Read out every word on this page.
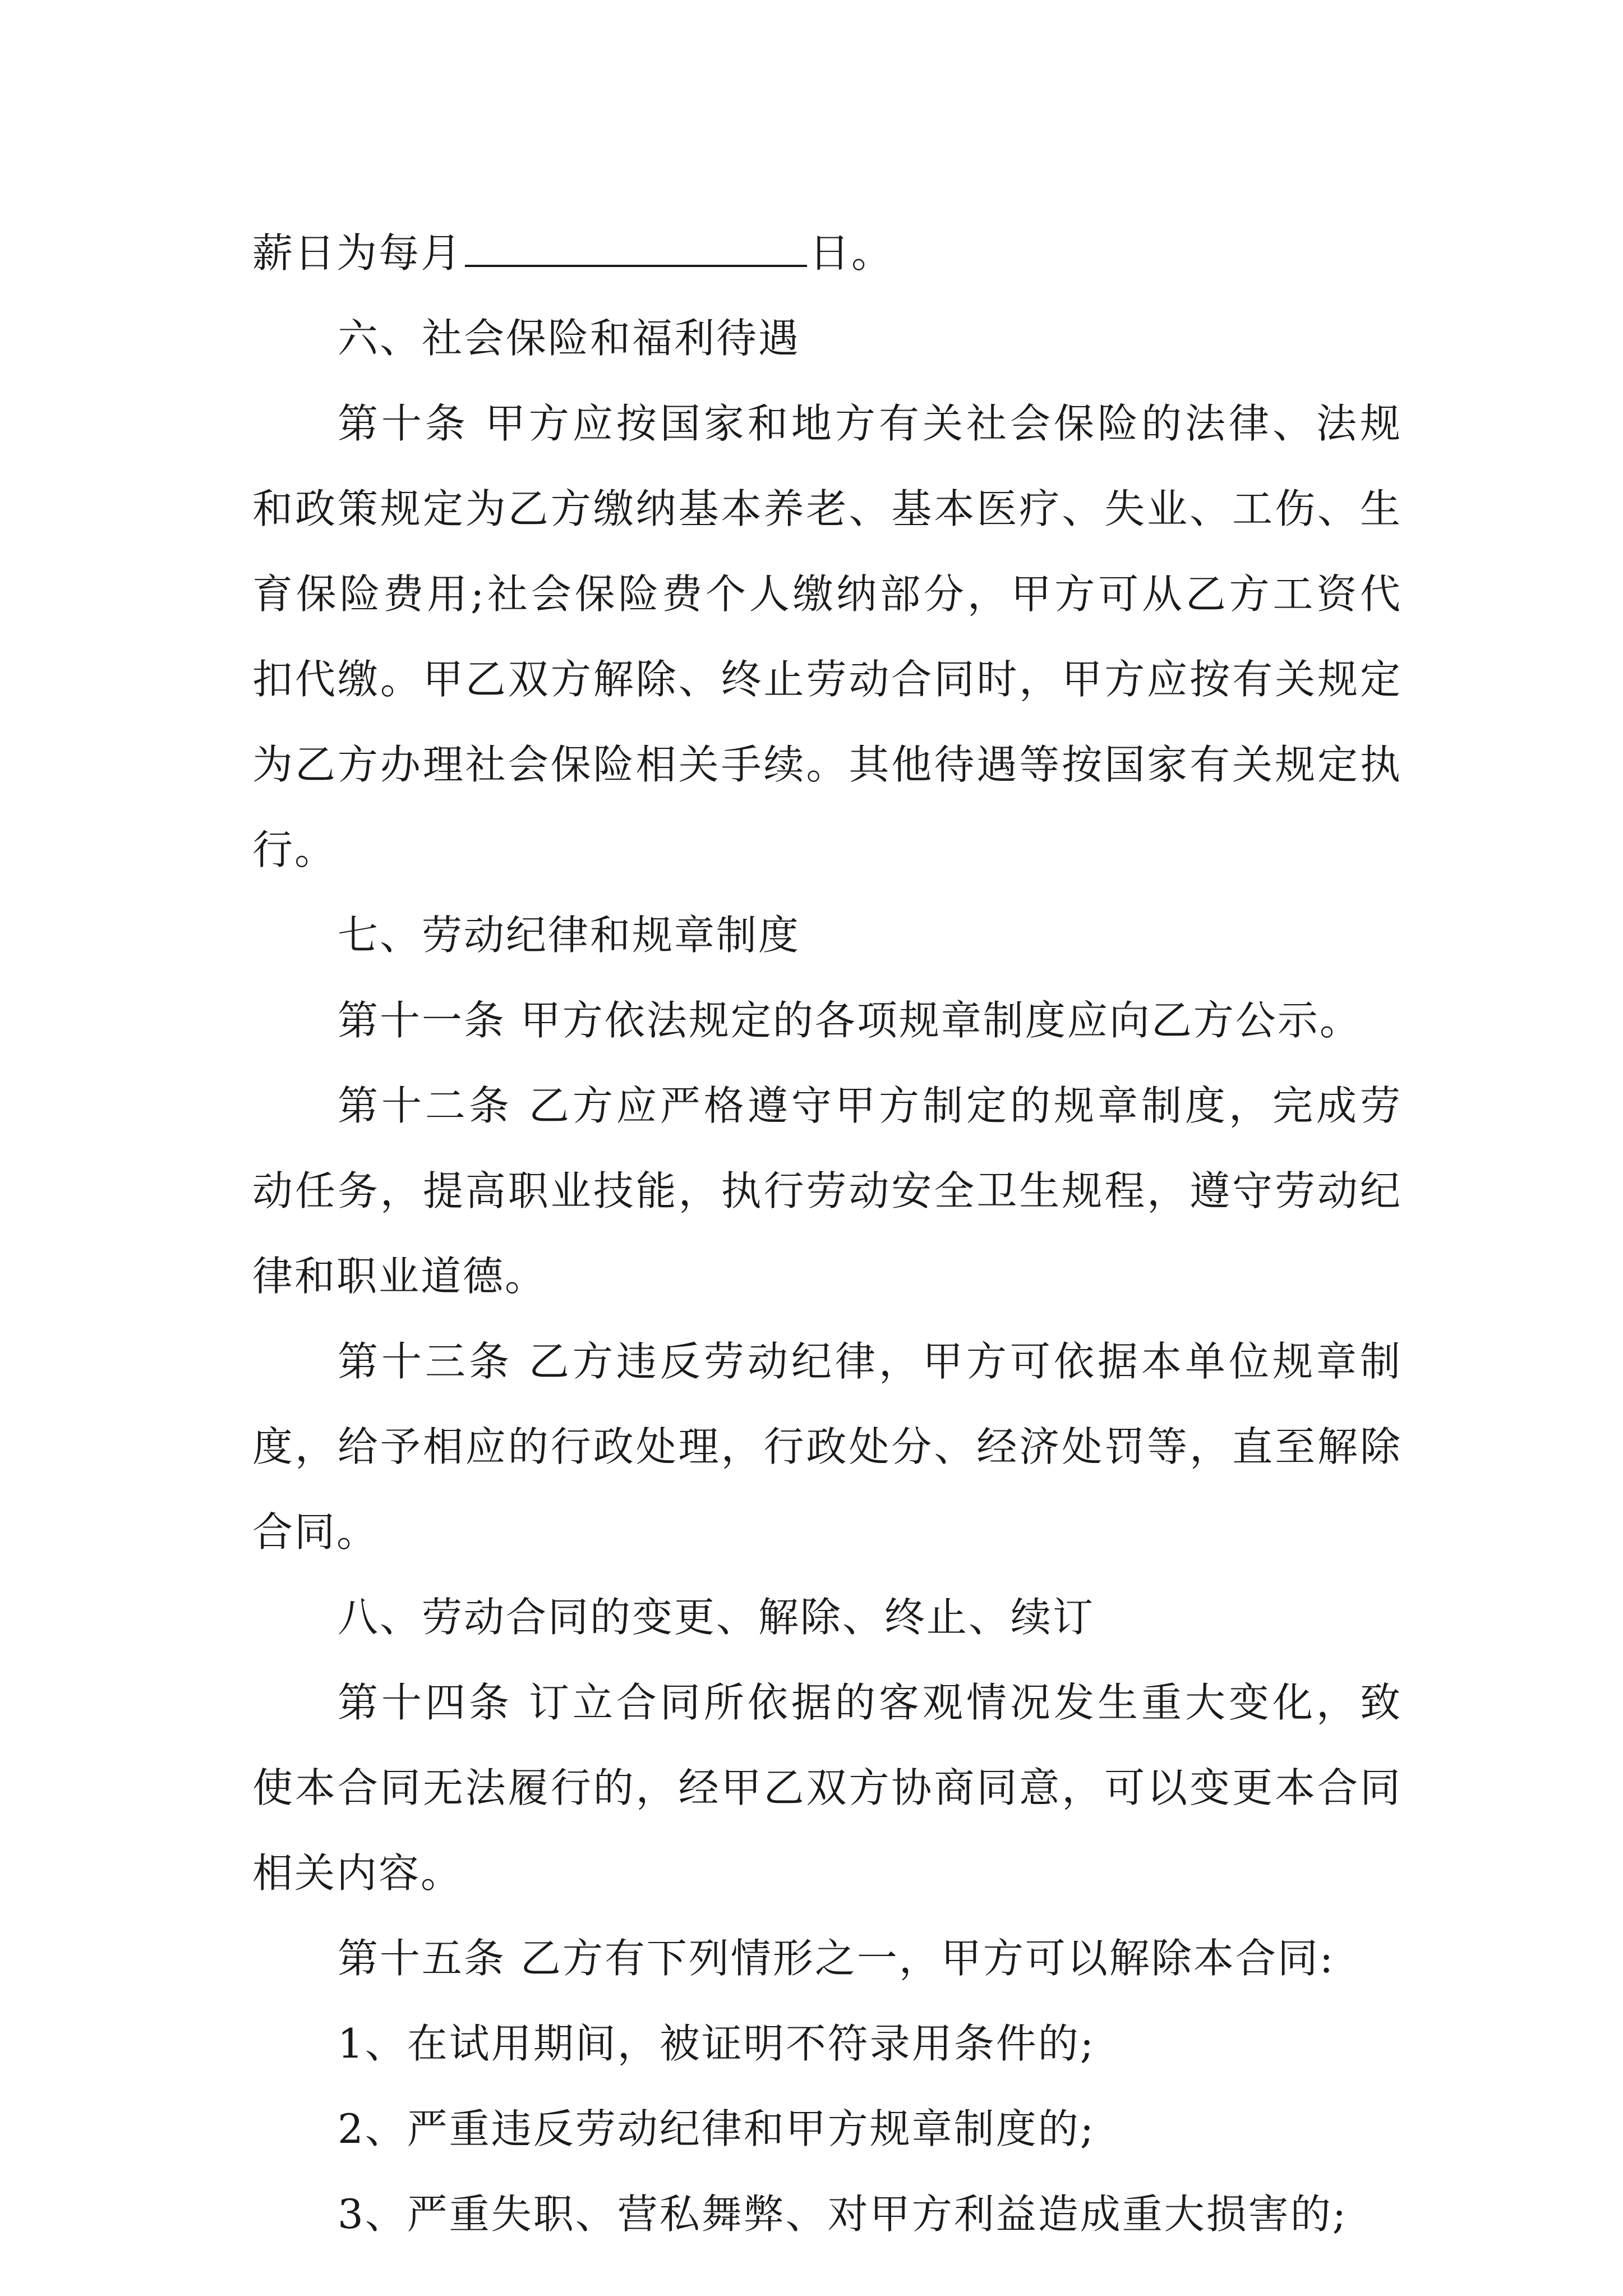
薪日为每月	日。

六、社会保险和福利待遇

第十条 甲方应按国家和地方有关社会保险的法律、法规和政策规定为乙方缴纳基本养老、基本医疗、失业、工伤、生育保险费用;社会保险费个人缴纳部分，甲方可从乙方工资代扣代缴。甲乙双方解除、终止劳动合同时，甲方应按有关规定为乙方办理社会保险相关手续。其他待遇等按国家有关规定执行。

七、劳动纪律和规章制度

第十一条 甲方依法规定的各项规章制度应向乙方公示。

第十二条 乙方应严格遵守甲方制定的规章制度，完成劳动任务，提高职业技能，执行劳动安全卫生规程，遵守劳动纪律和职业道德。

第十三条 乙方违反劳动纪律，甲方可依据本单位规章制度，给予相应的行政处理，行政处分、经济处罚等，直至解除合同。

八、劳动合同的变更、解除、终止、续订

第十四条 订立合同所依据的客观情况发生重大变化，致使本合同无法履行的，经甲乙双方协商同意，可以变更本合同相关内容。

第十五条 乙方有下列情形之一，甲方可以解除本合同:

1、在试用期间，被证明不符录用条件的;

2、严重违反劳动纪律和甲方规章制度的;

3、严重失职、营私舞弊、对甲方利益造成重大损害的;
